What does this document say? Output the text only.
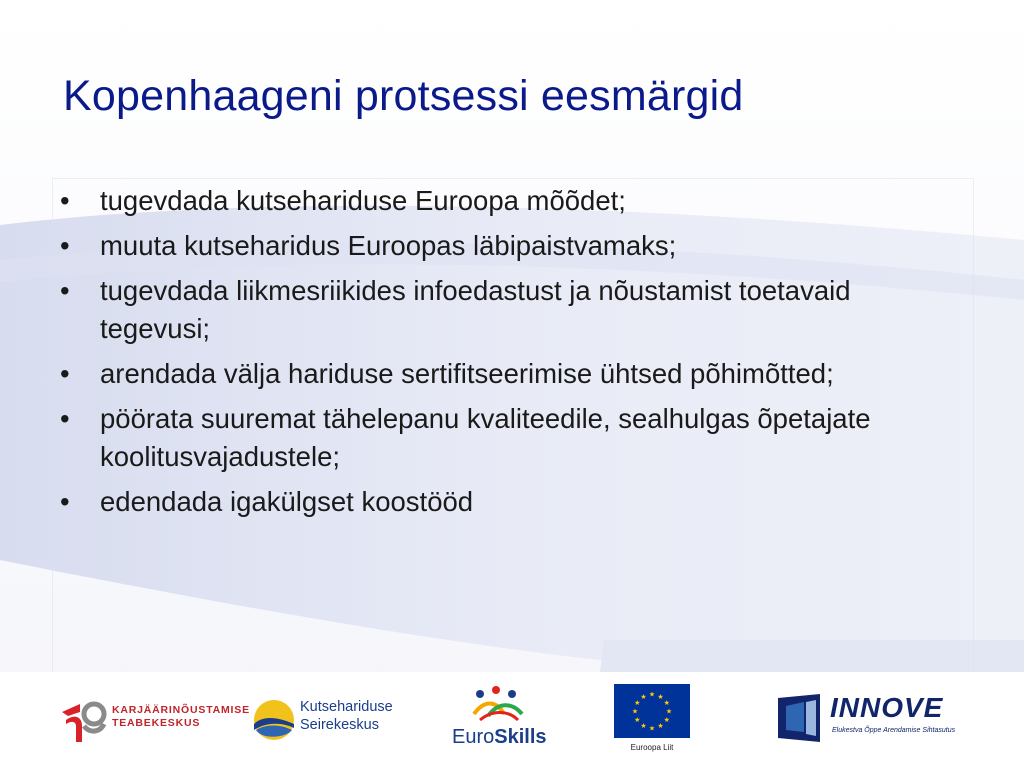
Kopenhaageni protsessi eesmärgid
• tugevdada kutsehariduse Euroopa mõõdet;
• muuta kutseharidus Euroopas läbipaistvamaks;
• tugevdada liikmesriikides infoedastust ja nõustamist toetavaid tegevusi;
• arendada välja hariduse sertifitseerimise ühtsed põhimõtted;
• pöörata suuremat tähelepanu kvaliteedile, sealhulgas õpetajate koolitusvajadustele;
• edendada igakülgset koostööd
KARJÄÄRINÕUSTAMISE
TEABEKESKUS
Kutsehariduse
Seirekeskus
EuroSkills
★
★
★
★
★
★
★
★
★ ★ ★
★
Euroopa Liit
INNOVE
Elukestva Õppe Arendamise Sihtasutus
